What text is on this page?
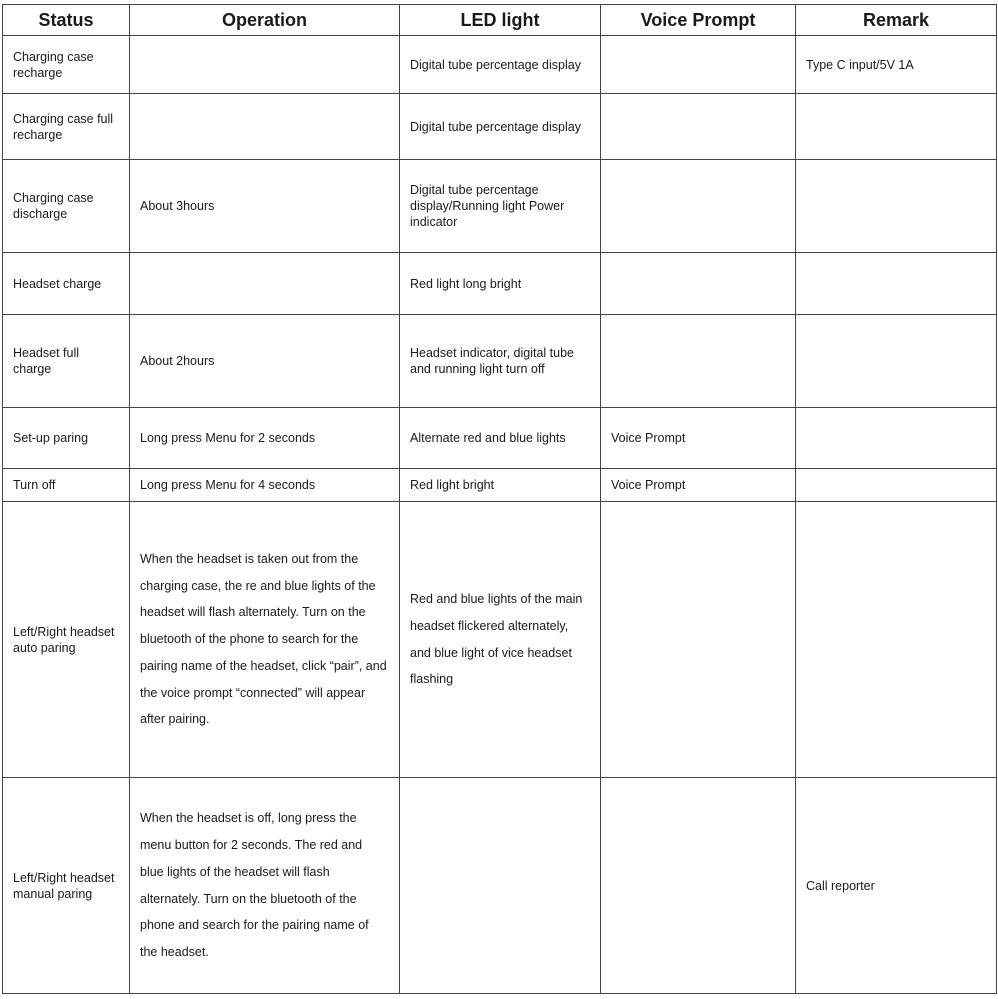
Status	Operation	LED light	Voice Prompt	Remark
Charging case recharge		Digital tube percentage display		Type C input/5V 1A
Charging case full recharge		Digital tube percentage display		
Charging case discharge	About 3hours	Digital tube percentage display/Running light Power indicator		
Headset charge		Red light long bright		
Headset full charge	About 2hours	Headset indicator, digital tube and running light turn off		
Set-up paring	Long press Menu for 2 seconds	Alternate red and blue lights	Voice Prompt	
Turn off	Long press Menu for 4 seconds	Red light bright	Voice Prompt	
Left/Right headset auto paring	When the headset is taken out from the charging case, the re and blue lights of the headset will flash alternately. Turn on the bluetooth of the phone to search for the pairing name of the headset, click “pair”, and the voice prompt “connected” will appear after pairing.	Red and blue lights of the main headset flickered alternately, and blue light of vice headset flashing		
Left/Right headset manual paring	When the headset is off, long press the menu button for 2 seconds. The red and blue lights of the headset will flash alternately. Turn on the bluetooth of the phone and search for the pairing name of the headset.			Call reporter
